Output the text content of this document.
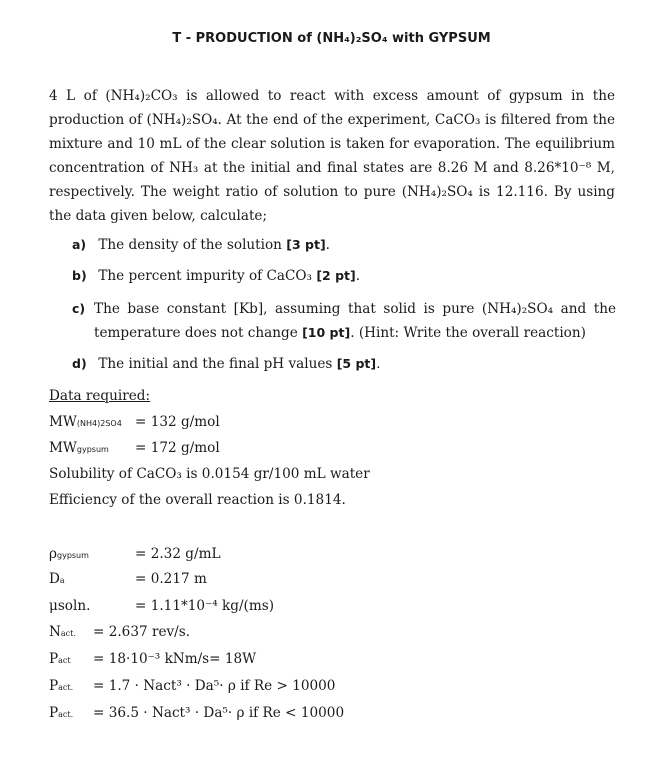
T - PRODUCTION of (NH₄)₂SO₄ with GYPSUM

4 L of (NH₄)₂CO₃ is allowed to react with excess amount of gypsum in the production of (NH₄)₂SO₄. At the end of the experiment, CaCO₃ is filtered from the mixture and 10 mL of the clear solution is taken for evaporation. The equilibrium concentration of NH₃ at the initial and final states are 8.26 M and 8.26*10⁻⁸ M, respectively. The weight ratio of solution to pure (NH₄)₂SO₄ is 12.116. By using the data given below, calculate;

a) The density of the solution [3 pt].
b) The percent impurity of CaCO₃ [2 pt].
c) The base constant [Kb], assuming that solid is pure (NH₄)₂SO₄ and the temperature does not change [10 pt]. (Hint: Write the overall reaction)
d) The initial and the final pH values [5 pt].
Data required:
MW(NH4)2SO4 = 132 g/mol
MWgypsum = 172 g/mol
Solubility of CaCO₃ is 0.0154 gr/100 mL water
Efficiency of the overall reaction is 0.1814.
ρgypsum	= 2.32 g/mL
Da	= 0.217 m
μsoln.	= 1.11*10⁻⁴ kg/(ms)
Nact. = 2.637 rev/s.
Pact = 18·10⁻³ kNm/s= 18W
Pact. = 1.7 · Nact³ · Da⁵· ρ if Re > 10000
Pact. = 36.5 · Nact³ · Da⁵· ρ if Re < 10000
